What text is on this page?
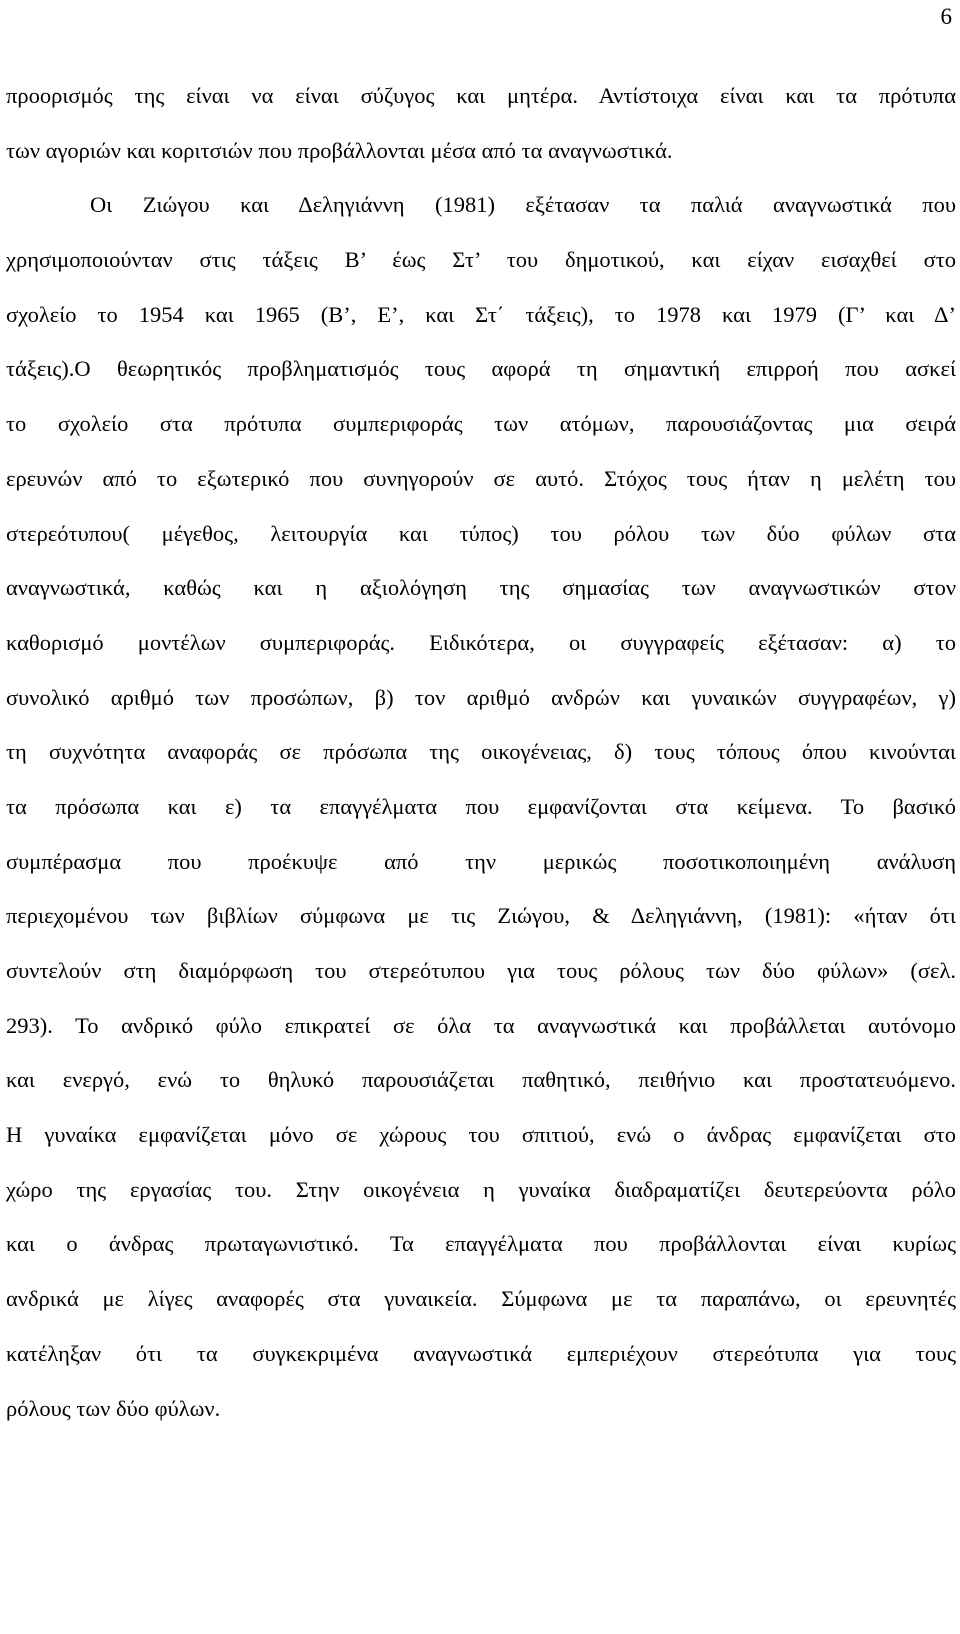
6
προορισμός της είναι να είναι σύζυγος και μητέρα. Αντίστοιχα είναι και τα πρότυπα
των αγοριών και κοριτσιών που προβάλλονται μέσα από τα αναγνωστικά.
Οι Ζιώγου και Δεληγιάννη (1981) εξέτασαν τα παλιά αναγνωστικά που
χρησιμοποιούνταν στις τάξεις Β’ έως Στ’ του δημοτικού, και είχαν εισαχθεί στο
σχολείο το 1954 και 1965 (Β’, Ε’, και Στ΄ τάξεις), το 1978 και 1979 (Γ’ και Δ’
τάξεις).Ο θεωρητικός προβληματισμός τους αφορά τη σημαντική επιρροή που ασκεί
το σχολείο στα πρότυπα συμπεριφοράς των ατόμων, παρουσιάζοντας μια σειρά
ερευνών από το εξωτερικό που συνηγορούν σε αυτό. Στόχος τους ήταν η μελέτη του
στερεότυπου( μέγεθος, λειτουργία και τύπος) του ρόλου των δύο φύλων στα
αναγνωστικά, καθώς και η αξιολόγηση της σημασίας των αναγνωστικών στον
καθορισμό μοντέλων συμπεριφοράς. Ειδικότερα, οι συγγραφείς εξέτασαν: α) το
συνολικό αριθμό των προσώπων, β) τον αριθμό ανδρών και γυναικών συγγραφέων, γ)
τη συχνότητα αναφοράς σε πρόσωπα της οικογένειας, δ) τους τόπους όπου κινούνται
τα πρόσωπα και ε) τα επαγγέλματα που εμφανίζονται στα κείμενα. Το βασικό
συμπέρασμα που προέκυψε από την μερικώς ποσοτικοποιημένη ανάλυση
περιεχομένου των βιβλίων σύμφωνα με τις Ζιώγου, & Δεληγιάννη, (1981): «ήταν ότι
συντελούν στη διαμόρφωση του στερεότυπου για τους ρόλους των δύο φύλων» (σελ.
293). Το ανδρικό φύλο επικρατεί σε όλα τα αναγνωστικά και προβάλλεται αυτόνομο
και ενεργό, ενώ το θηλυκό παρουσιάζεται παθητικό, πειθήνιο και προστατευόμενο.
Η γυναίκα εμφανίζεται μόνο σε χώρους του σπιτιού, ενώ ο άνδρας εμφανίζεται στο
χώρο της εργασίας του. Στην οικογένεια η γυναίκα διαδραματίζει δευτερεύοντα ρόλο
και ο άνδρας πρωταγωνιστικό. Τα επαγγέλματα που προβάλλονται είναι κυρίως
ανδρικά με λίγες αναφορές στα γυναικεία. Σύμφωνα με τα παραπάνω, οι ερευνητές
κατέληξαν ότι τα συγκεκριμένα αναγνωστικά εμπεριέχουν στερεότυπα για τους
ρόλους των δύο φύλων.
